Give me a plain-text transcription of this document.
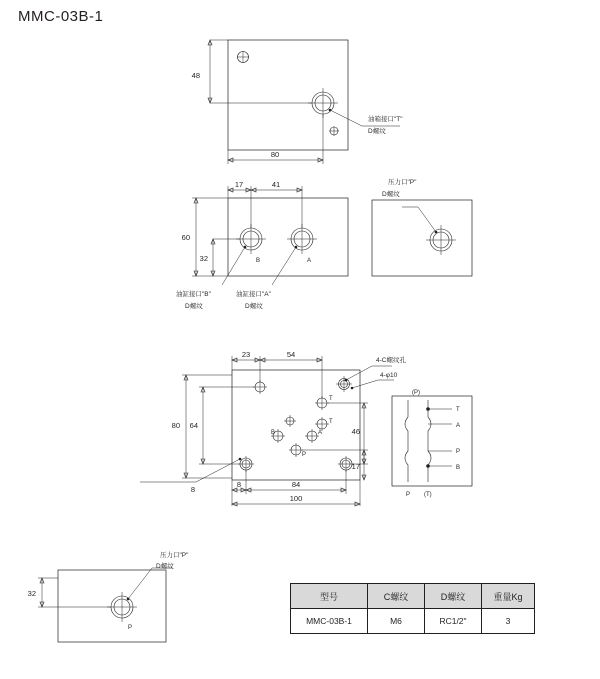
MMC-03B-1
48
80
油箱接口"T"
D螺纹
B	A
17	41
60
32
油缸接口"B"
D螺纹
油缸接口"A"
D螺纹
压力口"P"
D螺纹
T
T
B	A
P
23	54
80 64
46
17
8	84
100
8
4-C螺纹孔
4-φ10
(P)
T
A
P
B
P (T)
P
32
压力口"P"
D螺纹
型号	C螺纹	D螺纹	重量Kg
MMC-03B-1	M6	RC1/2"	3
